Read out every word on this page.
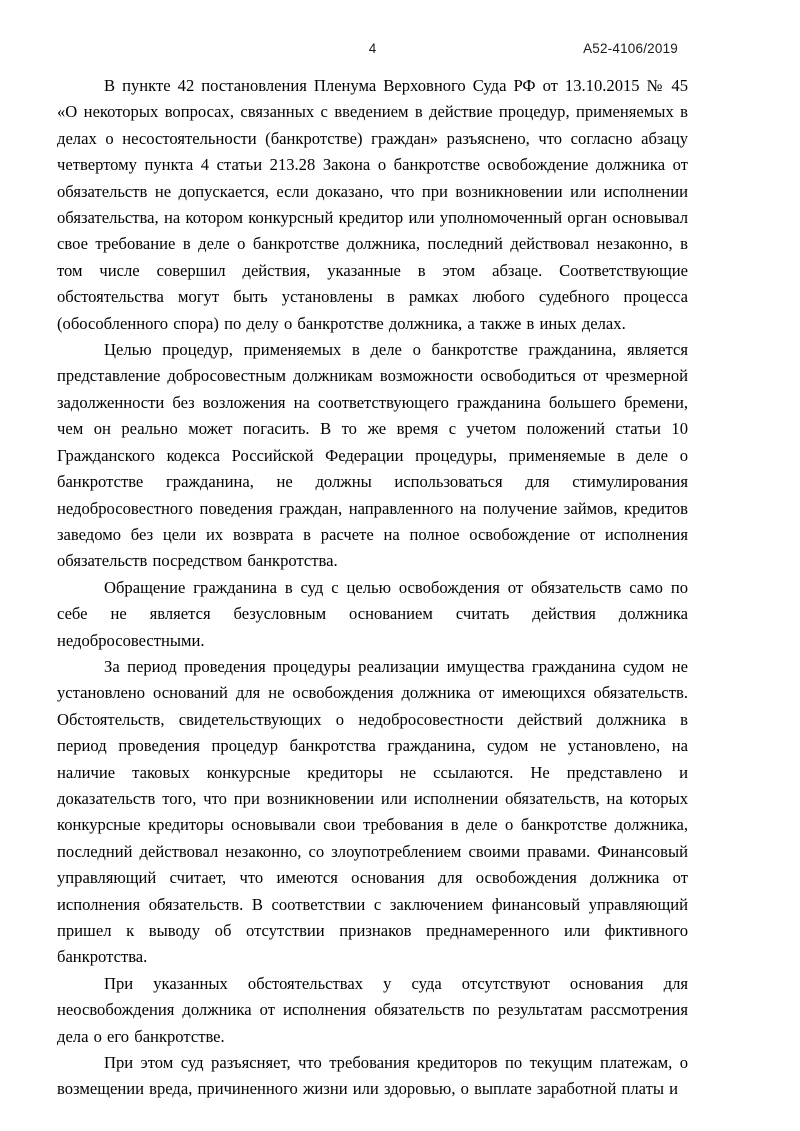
4	А52-4106/2019

В пункте 42 постановления Пленума Верховного Суда РФ от 13.10.2015 № 45 «О некоторых вопросах, связанных с введением в действие процедур, применяемых в делах о несостоятельности (банкротстве) граждан» разъяснено, что согласно абзацу четвертому пункта 4 статьи 213.28 Закона о банкротстве освобождение должника от обязательств не допускается, если доказано, что при возникновении или исполнении обязательства, на котором конкурсный кредитор или уполномоченный орган основывал свое требование в деле о банкротстве должника, последний действовал незаконно, в том числе совершил действия, указанные в этом абзаце. Соответствующие обстоятельства могут быть установлены в рамках любого судебного процесса (обособленного спора) по делу о банкротстве должника, а также в иных делах.

Целью процедур, применяемых в деле о банкротстве гражданина, является представление добросовестным должникам возможности освободиться от чрезмерной задолженности без возложения на соответствующего гражданина большего бремени, чем он реально может погасить. В то же время с учетом положений статьи 10 Гражданского кодекса Российской Федерации процедуры, применяемые в деле о банкротстве гражданина, не должны использоваться для стимулирования недобросовестного поведения граждан, направленного на получение займов, кредитов заведомо без цели их возврата в расчете на полное освобождение от исполнения обязательств посредством банкротства.

Обращение гражданина в суд с целью освобождения от обязательств само по себе не является безусловным основанием считать действия должника недобросовестными.

За период проведения процедуры реализации имущества гражданина судом не установлено оснований для не освобождения должника от имеющихся обязательств. Обстоятельств, свидетельствующих о недобросовестности действий должника в период проведения процедур банкротства гражданина, судом не установлено, на наличие таковых конкурсные кредиторы не ссылаются. Не представлено и доказательств того, что при возникновении или исполнении обязательств, на которых конкурсные кредиторы основывали свои требования в деле о банкротстве должника, последний действовал незаконно, со злоупотреблением своими правами. Финансовый управляющий считает, что имеются основания для освобождения должника от исполнения обязательств. В соответствии с заключением финансовый управляющий пришел к выводу об отсутствии признаков преднамеренного или фиктивного банкротства.

При указанных обстоятельствах у суда отсутствуют основания для неосвобождения должника от исполнения обязательств по результатам рассмотрения дела о его банкротстве.

При этом суд разъясняет, что требования кредиторов по текущим платежам, о возмещении вреда, причиненного жизни или здоровью, о выплате заработной платы и
